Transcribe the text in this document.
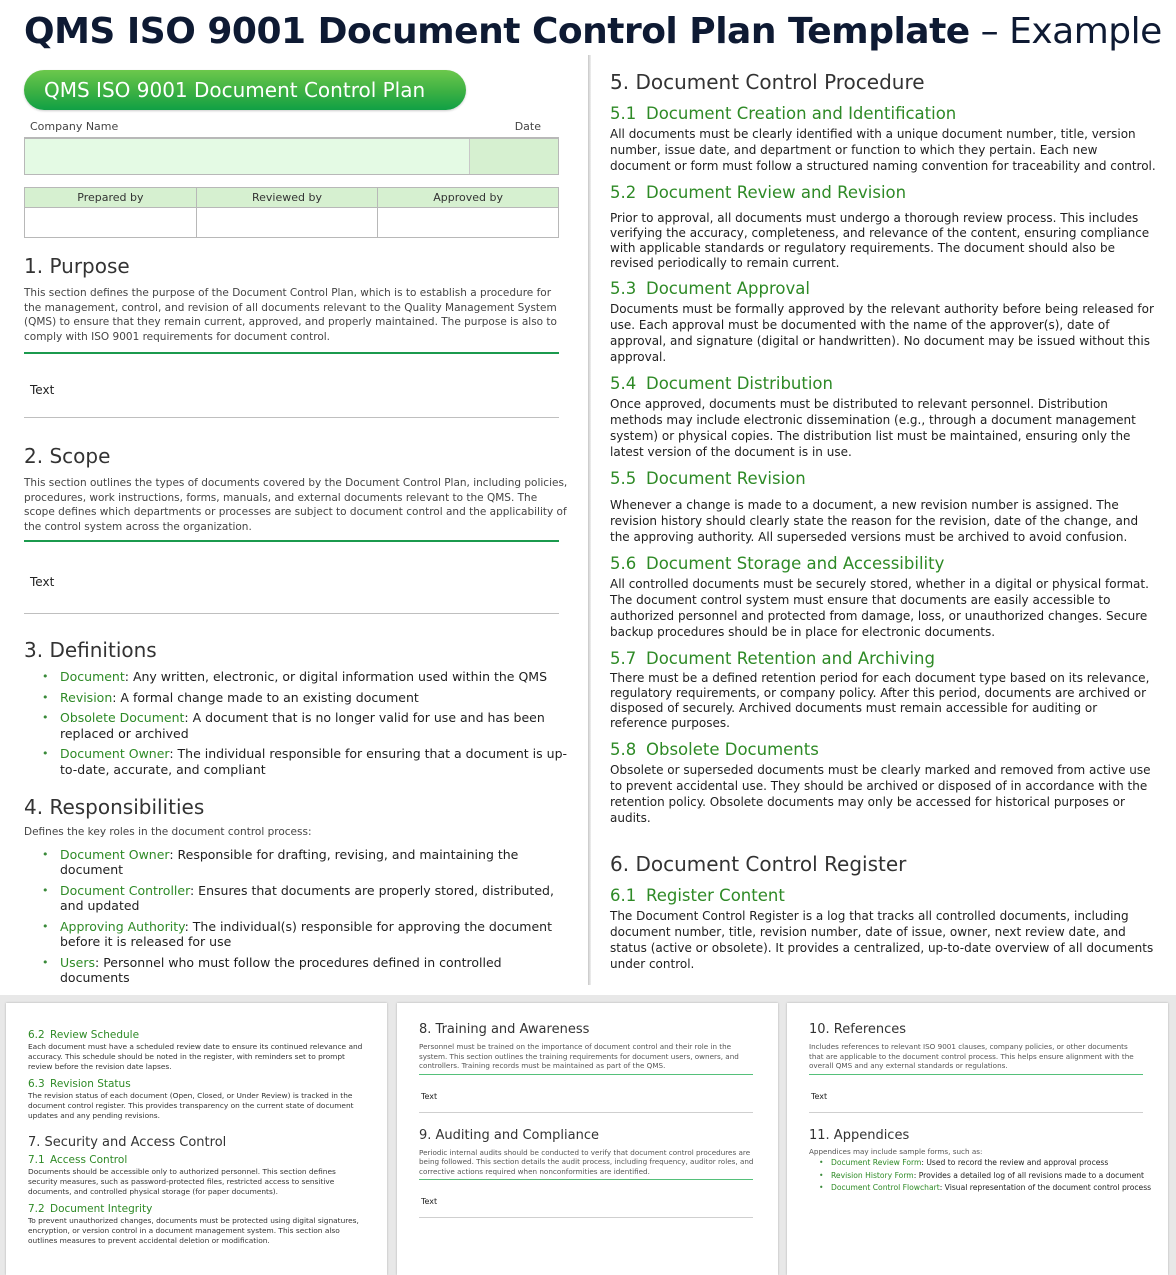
QMS ISO 9001 Document Control Plan Template – Example
QMS ISO 9001 Document Control Plan
Company Name	Date
Prepared by	Reviewed by	Approved by

1. Purpose
This section defines the purpose of the Document Control Plan, which is to establish a procedure for the management, control, and revision of all documents relevant to the Quality Management System (QMS) to ensure that they remain current, approved, and properly maintained. The purpose is also to comply with ISO 9001 requirements for document control.
Text
2. Scope
This section outlines the types of documents covered by the Document Control Plan, including policies, procedures, work instructions, forms, manuals, and external documents relevant to the QMS. The scope defines which departments or processes are subject to document control and the applicability of the control system across the organization.
Text
3. Definitions
• Document: Any written, electronic, or digital information used within the QMS
• Revision: A formal change made to an existing document
• Obsolete Document: A document that is no longer valid for use and has been replaced or archived
• Document Owner: The individual responsible for ensuring that a document is up-to-date, accurate, and compliant
4. Responsibilities
Defines the key roles in the document control process:
• Document Owner: Responsible for drafting, revising, and maintaining the document
• Document Controller: Ensures that documents are properly stored, distributed, and updated
• Approving Authority: The individual(s) responsible for approving the document before it is released for use
• Users: Personnel who must follow the procedures defined in controlled documents
5. Document Control Procedure
5.1 Document Creation and Identification
All documents must be clearly identified with a unique document number, title, version number, issue date, and department or function to which they pertain. Each new document or form must follow a structured naming convention for traceability and control.
5.2 Document Review and Revision
Prior to approval, all documents must undergo a thorough review process. This includes verifying the accuracy, completeness, and relevance of the content, ensuring compliance with applicable standards or regulatory requirements. The document should also be revised periodically to remain current.
5.3 Document Approval
Documents must be formally approved by the relevant authority before being released for use. Each approval must be documented with the name of the approver(s), date of approval, and signature (digital or handwritten). No document may be issued without this approval.
5.4 Document Distribution
Once approved, documents must be distributed to relevant personnel. Distribution methods may include electronic dissemination (e.g., through a document management system) or physical copies. The distribution list must be maintained, ensuring only the latest version of the document is in use.
5.5 Document Revision
Whenever a change is made to a document, a new revision number is assigned. The revision history should clearly state the reason for the revision, date of the change, and the approving authority. All superseded versions must be archived to avoid confusion.
5.6 Document Storage and Accessibility
All controlled documents must be securely stored, whether in a digital or physical format. The document control system must ensure that documents are easily accessible to authorized personnel and protected from damage, loss, or unauthorized changes. Secure backup procedures should be in place for electronic documents.
5.7 Document Retention and Archiving
There must be a defined retention period for each document type based on its relevance, regulatory requirements, or company policy. After this period, documents are archived or disposed of securely. Archived documents must remain accessible for auditing or reference purposes.
5.8 Obsolete Documents
Obsolete or superseded documents must be clearly marked and removed from active use to prevent accidental use. They should be archived or disposed of in accordance with the retention policy. Obsolete documents may only be accessed for historical purposes or audits.
6. Document Control Register
6.1 Register Content
The Document Control Register is a log that tracks all controlled documents, including document number, title, revision number, date of issue, owner, next review date, and status (active or obsolete). It provides a centralized, up-to-date overview of all documents under control.
6.2 Review Schedule
Each document must have a scheduled review date to ensure its continued relevance and accuracy. This schedule should be noted in the register, with reminders set to prompt review before the revision date lapses.
6.3 Revision Status
The revision status of each document (Open, Closed, or Under Review) is tracked in the document control register. This provides transparency on the current state of document updates and any pending revisions.
7. Security and Access Control
7.1 Access Control
Documents should be accessible only to authorized personnel. This section defines security measures, such as password-protected files, restricted access to sensitive documents, and controlled physical storage (for paper documents).
7.2 Document Integrity
To prevent unauthorized changes, documents must be protected using digital signatures, encryption, or version control in a document management system. This section also outlines measures to prevent accidental deletion or modification.
8. Training and Awareness
Personnel must be trained on the importance of document control and their role in the system. This section outlines the training requirements for document users, owners, and controllers. Training records must be maintained as part of the QMS.
Text
9. Auditing and Compliance
Periodic internal audits should be conducted to verify that document control procedures are being followed. This section details the audit process, including frequency, auditor roles, and corrective actions required when nonconformities are identified.
Text
10. References
Includes references to relevant ISO 9001 clauses, company policies, or other documents that are applicable to the document control process. This helps ensure alignment with the overall QMS and any external standards or regulations.
Text
11. Appendices
Appendices may include sample forms, such as:
• Document Review Form: Used to record the review and approval process
• Revision History Form: Provides a detailed log of all revisions made to a document
• Document Control Flowchart: Visual representation of the document control process
